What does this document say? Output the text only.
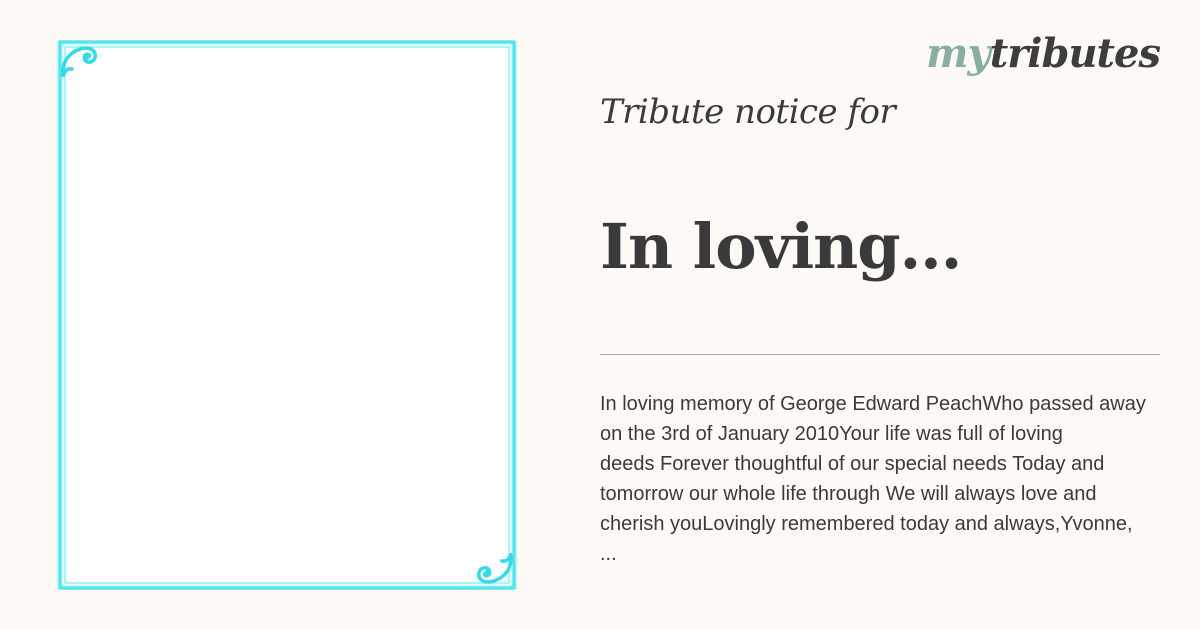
mytributes
Tribute notice for
In loving...
In loving memory of George Edward PeachWho passed away
on the 3rd of January 2010Your life was full of loving
deeds Forever thoughtful of our special needs Today and
tomorrow our whole life through We will always love and
cherish youLovingly remembered today and always,Yvonne,
...
